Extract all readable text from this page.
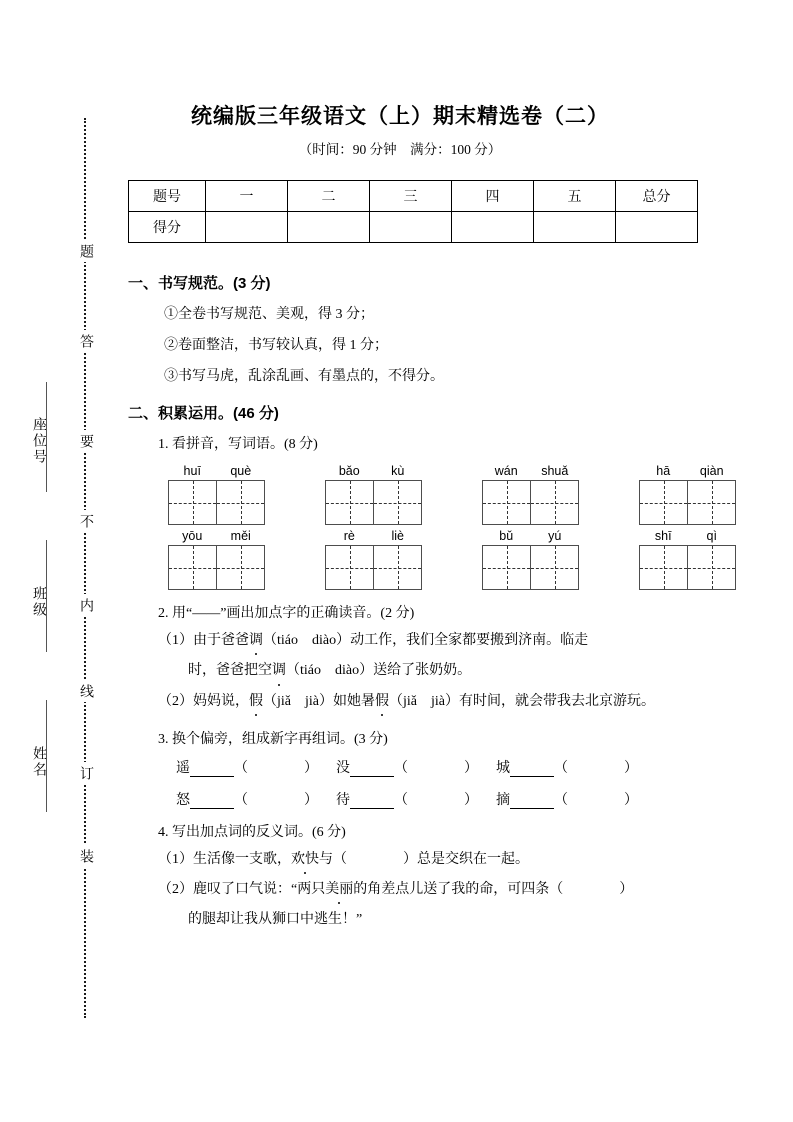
题
答
要
不
内
线
订
装
座位号
班级
姓名
统编版三年级语文（上）期末精选卷（二）
（时间：90 分钟　满分：100 分）
题号	一	二	三	四	五	总分
得分						
一、书写规范。(3 分)
①全卷书写规范、美观，得 3 分；
②卷面整洁，书写较认真，得 1 分；
③书写马虎，乱涂乱画、有墨点的，不得分。
二、积累运用。(46 分)
1. 看拼音，写词语。(8 分)
huī	què	bǎo	kù	wán	shuǎ	hā	qiàn
yōu	měi	rè	liè	bǔ	yú	shī	qì
2. 用“——”画出加点字的正确读音。(2 分)
（1）由于爸爸调（tiáo　diào）动工作，我们全家都要搬到济南。临走
时，爸爸把空调（tiáo　diào）送给了张奶奶。
（2）妈妈说，假（jiǎ　jià）如她暑假（jiǎ　jià）有时间，就会带我去北京游玩。
3. 换个偏旁，组成新字再组词。(3 分)
遥	（　　　　） 没	（　　　　） 城	（　　　　）
怒	（　　　　） 待	（　　　　） 摘	（　　　　）
4. 写出加点词的反义词。(6 分)
（1）生活像一支歌，欢快与（　　　　）总是交织在一起。
（2）鹿叹了口气说：“两只美丽的角差点儿送了我的命，可四条（　　　　）
的腿却让我从狮口中逃生！”
